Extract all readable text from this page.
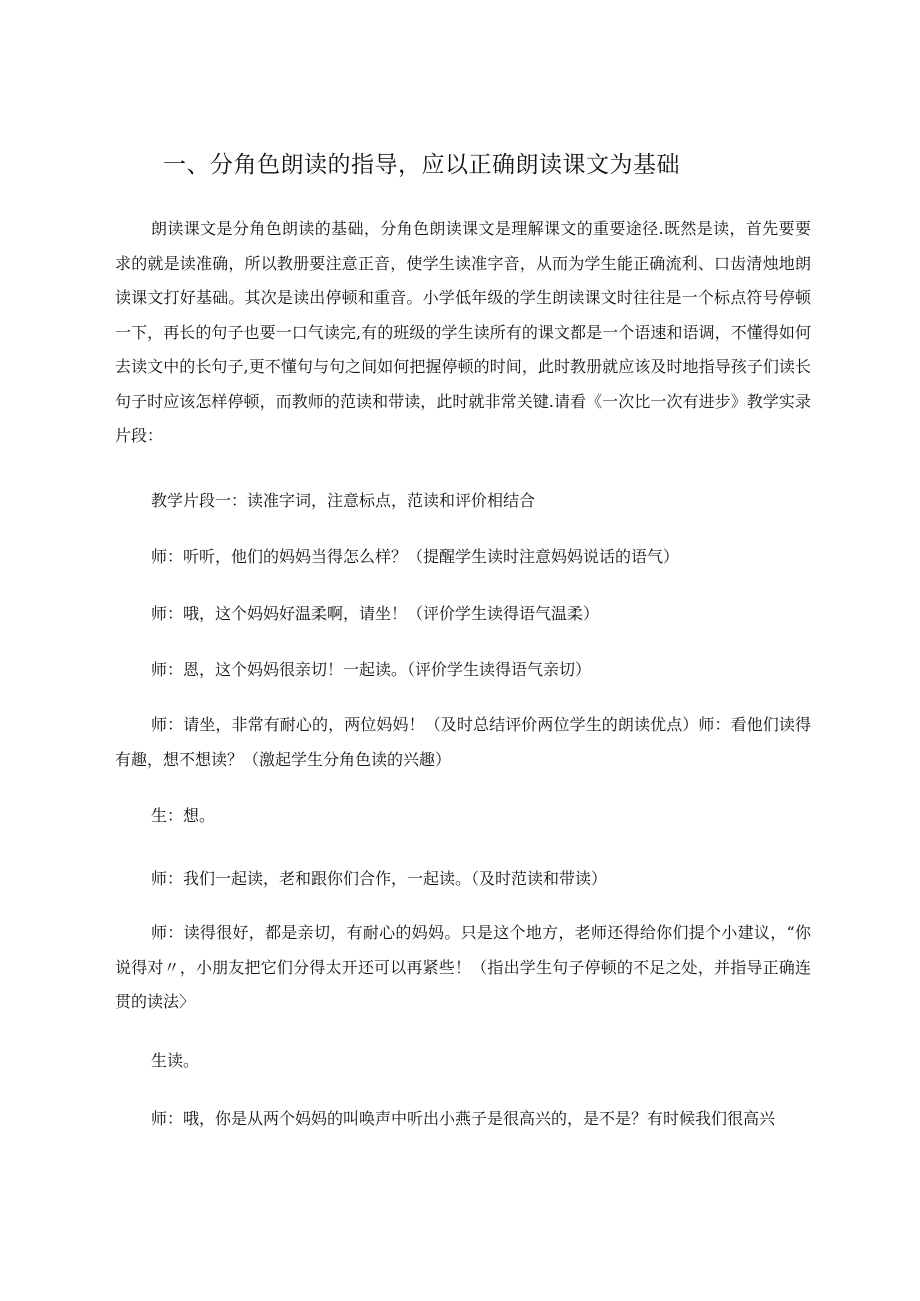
一、分角色朗读的指导，应以正确朗读课文为基础

朗读课文是分角色朗读的基础，分角色朗读课文是理解课文的重要途径.既然是读，首先要要求的就是读准确，所以教册要注意正音，使学生读准字音，从而为学生能正确流利、口齿清烛地朗读课文打好基础。其次是读出停顿和重音。小学低年级的学生朗读课文时往往是一个标点符号停顿一下，再长的句子也要一口气读完,有的班级的学生读所有的课文都是一个语速和语调，不懂得如何去读文中的长句子,更不懂句与句之间如何把握停顿的时间，此时教册就应该及时地指导孩子们读长句子时应该怎样停顿，而教师的范读和带读，此时就非常关键.请看《一次比一次有进步》教学实录片段：

教学片段一：读准字词，注意标点，范读和评价相结合

师：听听，他们的妈妈当得怎么样？（提醒学生读时注意妈妈说话的语气）

师：哦，这个妈妈好温柔啊，请坐！（评价学生读得语气温柔）

师：恩，这个妈妈很亲切！一起读。（评价学生读得语气亲切）

师：请坐，非常有耐心的，两位妈妈！（及时总结评价两位学生的朗读优点）师：看他们读得有趣，想不想读？（激起学生分角色读的兴趣）

生：想。

师：我们一起读，老和跟你们合作，一起读。（及时范读和带读）

师：读得很好，都是亲切，有耐心的妈妈。只是这个地方，老师还得给你们提个小建议，“你说得对〃，小朋友把它们分得太开还可以再紧些！（指出学生句子停顿的不足之处，并指导正确连贯的读法〉

生读。

师：哦，你是从两个妈妈的叫唤声中听出小燕子是很高兴的，是不是？有时候我们很高兴
